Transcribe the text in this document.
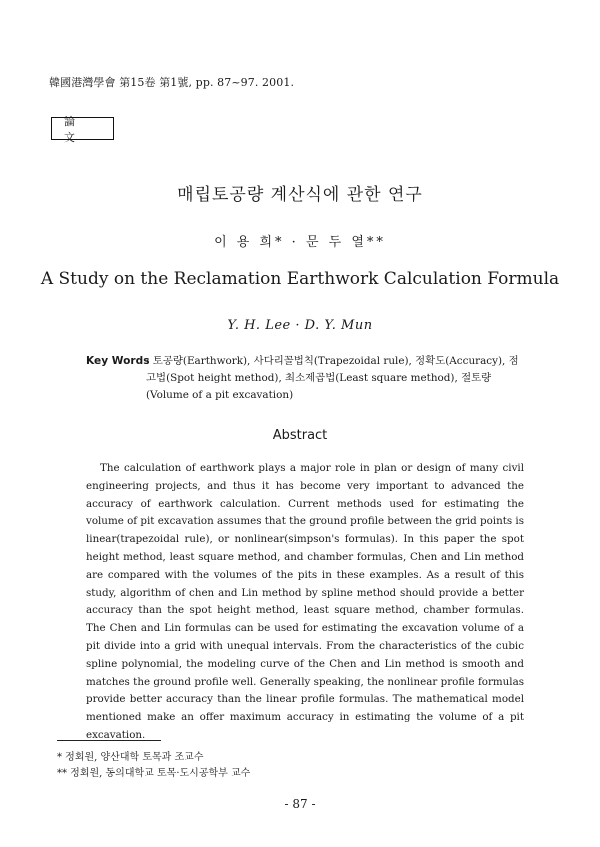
韓國港灣學會 第15卷 第1號, pp. 87~97. 2001.
論 文
매립토공량 계산식에 관한 연구
이 용 희* · 문 두 열**
A Study on the Reclamation Earthwork Calculation Formula
Y. H. Lee · D. Y. Mun
Key Words
: 토공량(Earthwork), 사다리꼴법칙(Trapezoidal rule), 정확도(Accuracy), 점고법(Spot height method), 최소제곱법(Least square method), 절토량(Volume of a pit excavation)
Abstract

The calculation of earthwork plays a major role in plan or design of many civil engineering projects, and thus it has become very important to advanced the accuracy of earthwork calculation. Current methods used for estimating the volume of pit excavation assumes that the ground profile between the grid points is linear(trapezoidal rule), or nonlinear(simpson's formulas). In this paper the spot height method, least square method, and chamber formulas, Chen and Lin method are compared with the volumes of the pits in these examples. As a result of this study, algorithm of chen and Lin method by spline method should provide a better accuracy than the spot height method, least square method, chamber formulas. The Chen and Lin formulas can be used for estimating the excavation volume of a pit divide into a grid with unequal intervals. From the characteristics of the cubic spline polynomial, the modeling curve of the Chen and Lin method is smooth and matches the ground profile well. Generally speaking, the nonlinear profile formulas provide better accuracy than the linear profile formulas. The mathematical model mentioned make an offer maximum accuracy in estimating the volume of a pit excavation.

* 정회원, 양산대학 토목과 조교수
** 정회원, 동의대학교 토목·도시공학부 교수
- 87 -
